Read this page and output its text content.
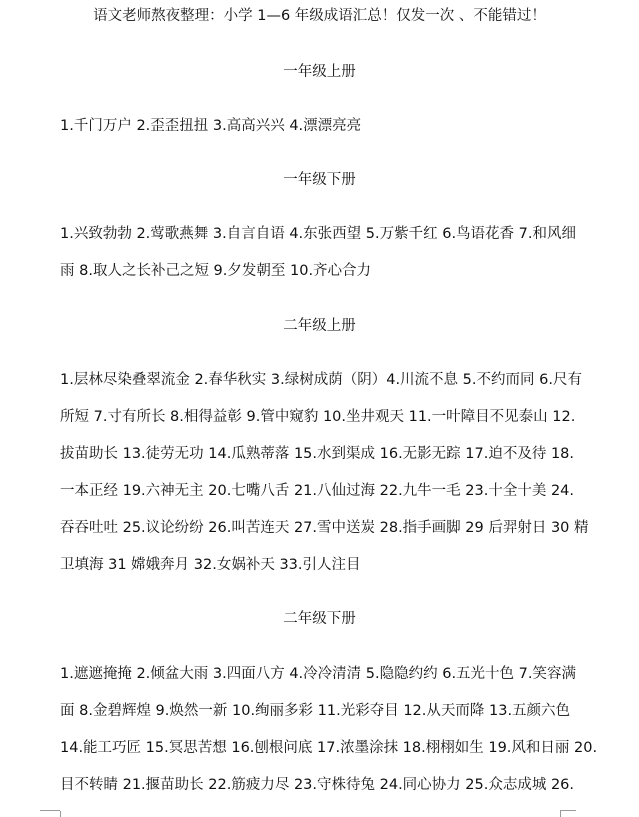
语文老师熬夜整理：小学 1—6 年级成语汇总！仅发一次 、不能错过！
一年级上册
1.千门万户 2.歪歪扭扭 3.高高兴兴 4.漂漂亮亮
一年级下册
1.兴致勃勃 2.莺歌燕舞 3.自言自语 4.东张西望 5.万紫千红 6.鸟语花香 7.和风细
雨 8.取人之长补己之短 9.夕发朝至 10.齐心合力
二年级上册
1.层林尽染叠翠流金 2.春华秋实 3.绿树成荫（阴）4.川流不息 5.不约而同 6.尺有
所短 7.寸有所长 8.相得益彰 9.管中窥豹 10.坐井观天 11.一叶障目不见泰山 12.
拔苗助长 13.徒劳无功 14.瓜熟蒂落 15.水到渠成 16.无影无踪 17.迫不及待 18.
一本正经 19.六神无主 20.七嘴八舌 21.八仙过海 22.九牛一毛 23.十全十美 24.
吞吞吐吐 25.议论纷纷 26.叫苦连天 27.雪中送炭 28.指手画脚 29 后羿射日 30 精
卫填海 31 嫦娥奔月 32.女娲补天 33.引人注目
二年级下册
1.遮遮掩掩 2.倾盆大雨 3.四面八方 4.冷冷清清 5.隐隐约约 6.五光十色 7.笑容满
面 8.金碧辉煌 9.焕然一新 10.绚丽多彩 11.光彩夺目 12.从天而降 13.五颜六色
14.能工巧匠 15.冥思苦想 16.刨根问底 17.浓墨涂抹 18.栩栩如生 19.风和日丽 20.
目不转睛 21.揠苗助长 22.筋疲力尽 23.守株待兔 24.同心协力 25.众志成城 26.
